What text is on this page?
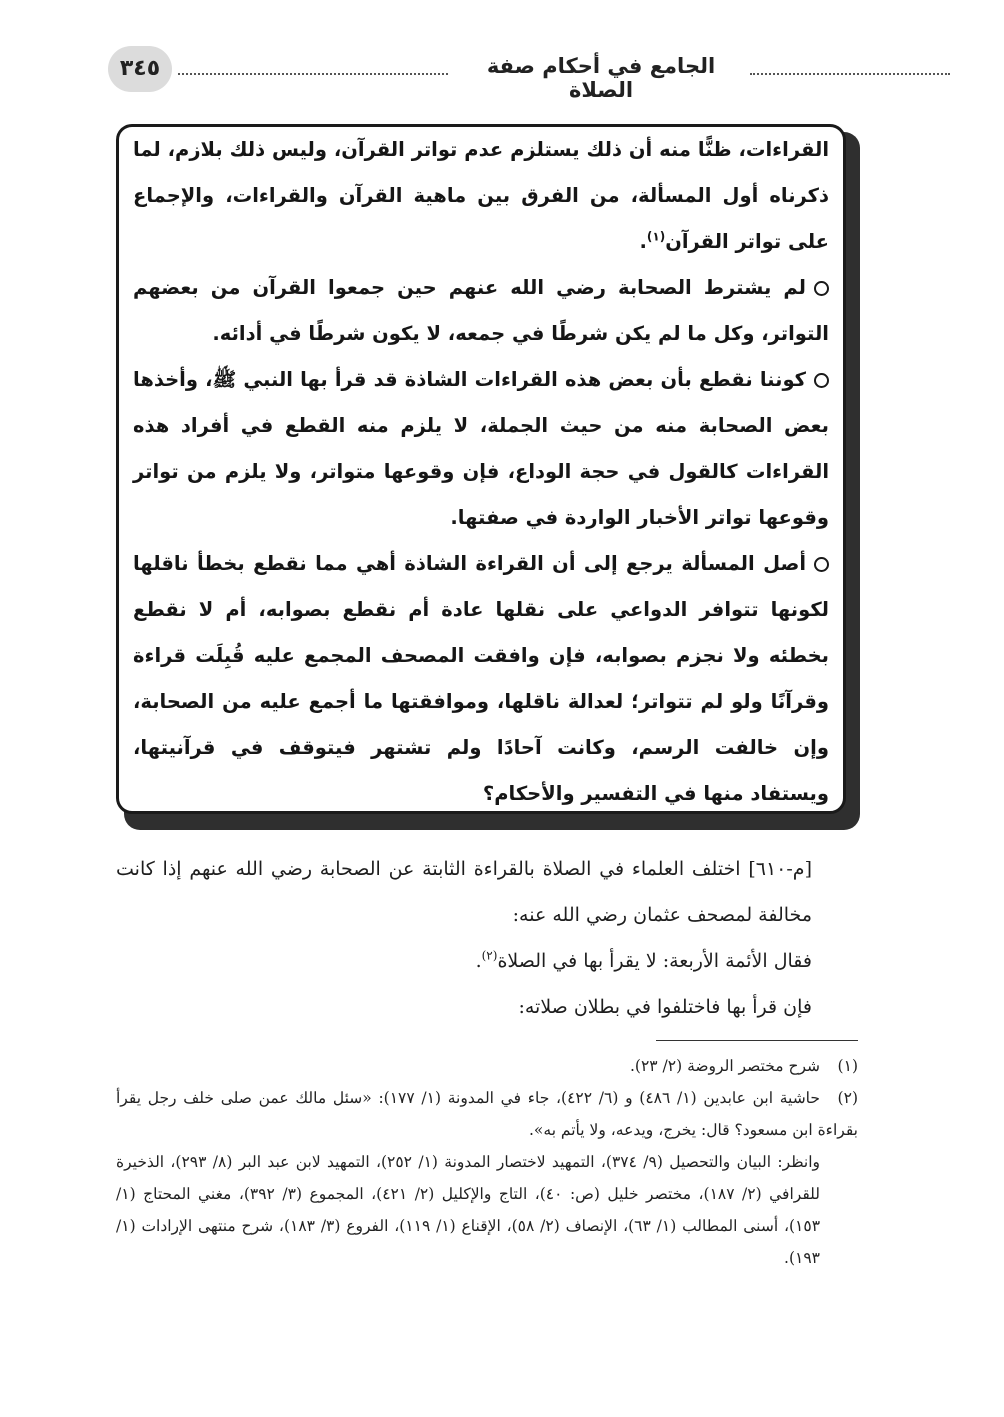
٣٤٥	الجامع في أحكام صفة الصلاة

القراءات، ظنًّا منه أن ذلك يستلزم عدم تواتر القرآن، وليس ذلك بلازم، لما ذكرناه أول المسألة، من الفرق بين ماهية القرآن والقراءات، والإجماع على تواتر القرآن$^{(١)}$.

لم يشترط الصحابة رضي الله عنهم حين جمعوا القرآن من بعضهم التواتر، وكل ما لم يكن شرطًا في جمعه، لا يكون شرطًا في أدائه.

كوننا نقطع بأن بعض هذه القراءات الشاذة قد قرأ بها النبي ﷺ، وأخذها بعض الصحابة منه من حيث الجملة، لا يلزم منه القطع في أفراد هذه القراءات كالقول في حجة الوداع، فإن وقوعها متواتر، ولا يلزم من تواتر وقوعها تواتر الأخبار الواردة في صفتها.

أصل المسألة يرجع إلى أن القراءة الشاذة أهي مما نقطع بخطأ ناقلها لكونها تتوافر الدواعي على نقلها عادة أم نقطع بصوابه، أم لا نقطع بخطئه ولا نجزم بصوابه، فإن وافقت المصحف المجمع عليه قُبِلَت قراءة وقرآنًا ولو لم تتواتر؛ لعدالة ناقلها، وموافقتها ما أجمع عليه من الصحابة، وإن خالفت الرسم، وكانت آحادًا ولم تشتهر فيتوقف في قرآنيتها، ويستفاد منها في التفسير والأحكام؟

[م-٦١٠] اختلف العلماء في الصلاة بالقراءة الثابتة عن الصحابة رضي الله عنهم إذا كانت مخالفة لمصحف عثمان رضي الله عنه:

فقال الأئمة الأربعة: لا يقرأ بها في الصلاة$^{(٢)}$.

فإن قرأ بها فاختلفوا في بطلان صلاته:

(١)شرح مختصر الروضة (٢/ ٢٣).

(٢)حاشية ابن عابدين (١/ ٤٨٦) و (٦/ ٤٢٢)، جاء في المدونة (١/ ١٧٧): «سئل مالك عمن صلى خلف رجل يقرأ بقراءة ابن مسعود؟ قال: يخرج، ويدعه، ولا يأتم به».

وانظر: البيان والتحصيل (٩/ ٣٧٤)، التمهيد لاختصار المدونة (١/ ٢٥٢)، التمهيد لابن عبد البر (٨/ ٢٩٣)، الذخيرة للقرافي (٢/ ١٨٧)، مختصر خليل (ص: ٤٠)، التاج والإكليل (٢/ ٤٢١)، المجموع (٣/ ٣٩٢)، مغني المحتاج (١/ ١٥٣)، أسنى المطالب (١/ ٦٣)، الإنصاف (٢/ ٥٨)، الإقناع (١/ ١١٩)، الفروع (٣/ ١٨٣)، شرح منتهى الإرادات (١/ ١٩٣).
